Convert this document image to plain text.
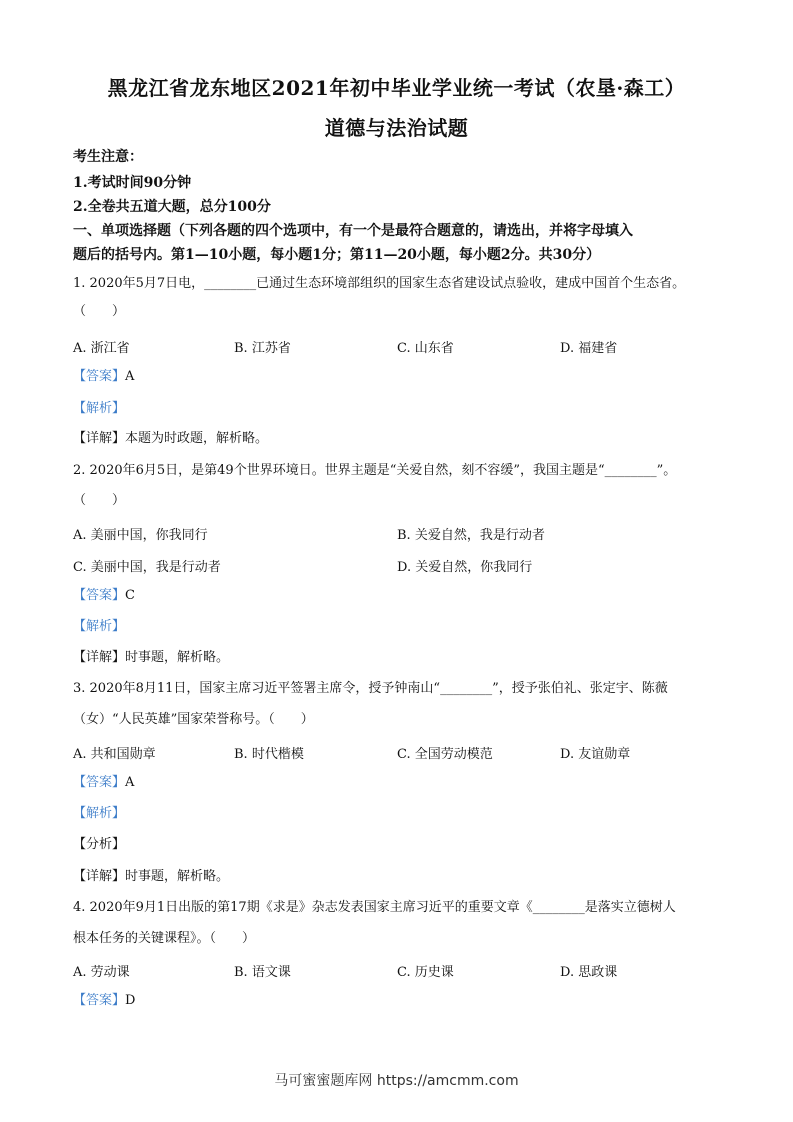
黑龙江省龙东地区2021年初中毕业学业统一考试（农垦·森工）
道德与法治试题
考生注意：
1.考试时间90分钟
2.全卷共五道大题，总分100分
一、单项选择题（下列各题的四个选项中，有一个是最符合题意的，请选出，并将字母填入
题后的括号内。第1—10小题，每小题1分；第11—20小题，每小题2分。共30分）
1. 2020年5月7日电，________已通过生态环境部组织的国家生态省建设试点验收，建成中国首个生态省。
（　　）
A. 浙江省	B. 江苏省	C. 山东省	D. 福建省
【答案】A
【解析】
【详解】本题为时政题，解析略。
2. 2020年6月5日，是第49个世界环境日。世界主题是“关爱自然，刻不容缓”，我国主题是“________”。
（　　）
A. 美丽中国，你我同行	B. 关爱自然，我是行动者
C. 美丽中国，我是行动者	D. 关爱自然，你我同行
【答案】C
【解析】
【详解】时事题，解析略。
3. 2020年8月11日，国家主席习近平签署主席令，授予钟南山“________”，授予张伯礼、张定宇、陈薇
（女）“人民英雄”国家荣誉称号。（　　）
A. 共和国勋章	B. 时代楷模	C. 全国劳动模范	D. 友谊勋章
【答案】A
【解析】
【分析】
【详解】时事题，解析略。
4. 2020年9月1日出版的第17期《求是》杂志发表国家主席习近平的重要文章《________是落实立德树人
根本任务的关键课程》。（　　）
A. 劳动课	B. 语文课	C. 历史课	D. 思政课
【答案】D
马可蜜蜜题库网 https://amcmm.com
